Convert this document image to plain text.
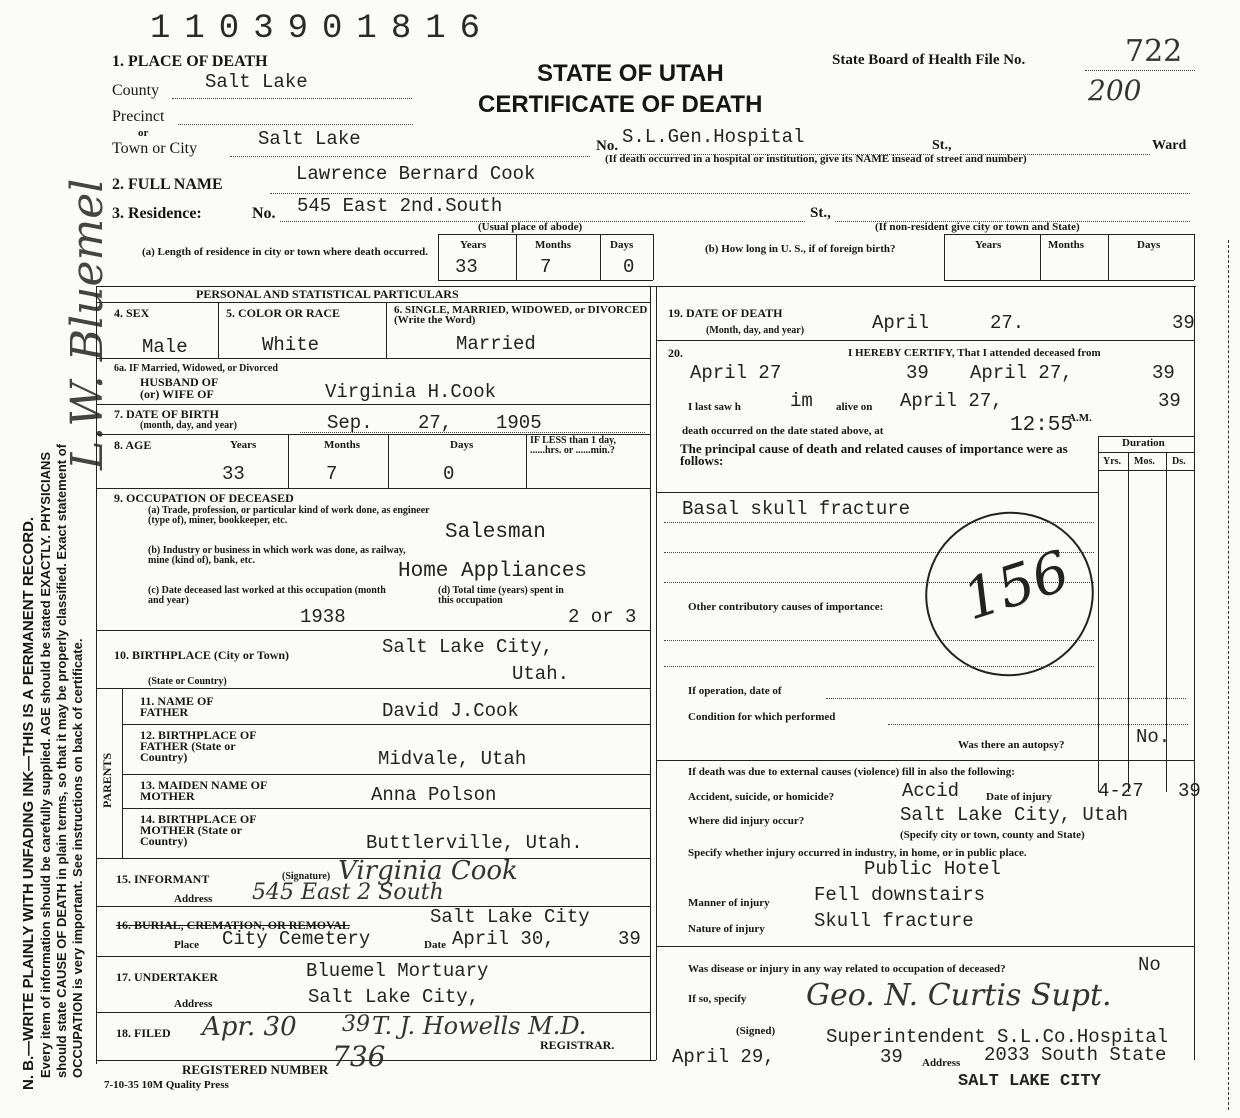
N. B.—WRITE PLAINLY WITH UNFADING INK—THIS IS A PERMANENT RECORD. Every item of information should be carefully supplied. AGE should be stated EXACTLY. PHYSICIANS should state CAUSE OF DEATH in plain terms, so that it may be properly classified. Exact statement of OCCUPATION is very important. See instructions on back of certificate.
L.W. Bluemel
1103901816
STATE OF UTAH
CERTIFICATE OF DEATH
State Board of Health File No.	722
200
1. PLACE OF DEATH
County Salt Lake
Precinct
or
Town or City	Salt Lake	No. S.L.Gen.Hospital	St.,	Ward
(If death occurred in a hospital or institution, give its NAME insead of street and number)
2. FULL NAME	Lawrence Bernard Cook
3. Residence:	No. 545 East 2nd.South	St.,
(Usual place of abode)	(If non-resident give city or town and State)
(a) Length of residence in city or town where death occurred.
Years	Months	Days
33	7	0
(b) How long in U. S., if of foreign birth?	Years	Months	Days
PERSONAL AND STATISTICAL PARTICULARS
4. SEX	5. COLOR OR RACE	6. SINGLE, MARRIED, WIDOWED, or DIVORCED (Write the Word)
Male	White	Married
6a. IF Married, Widowed, or Divorced
HUSBAND OF
(or) WIFE OF	Virginia H.Cook
7. DATE OF BIRTH
(month, day, and year)	Sep. 27, 1905
8. AGE	Years	Months	Days	IF LESS than 1 day, ......hrs. or ......min.?
33	7	0
9. OCCUPATION OF DECEASED
(a) Trade, profession, or particular kind of work done, as engineer (type of), miner, bookkeeper, etc.
Salesman
(b) Industry or business in which work was done, as railway, mine (kind of), bank, etc.	Home Appliances
(c) Date deceased last worked at this occupation (month and year)
1938
(d) Total time (years) spent in this occupation
2 or 3
10. BIRTHPLACE (City or Town)	Salt Lake City,
(State or Country)	Utah.
PARENTS
11. NAME OF FATHER	David J.Cook
12. BIRTHPLACE OF FATHER (State or Country)	Midvale, Utah
13. MAIDEN NAME OF MOTHER	Anna Polson
14. BIRTHPLACE OF MOTHER (State or Country)	Buttlerville, Utah.
15. INFORMANT	(Signature) Virginia Cook
Address 545 East 2 South
16. BURIAL, CREMATION, OR REMOVAL	Salt Lake City
Place City Cemetery	Date April 30,	39
17. UNDERTAKER	Bluemel Mortuary
Address	Salt Lake City,
18. FILED Apr. 30 39 T. J. Howells M.D.
REGISTRAR.
REGISTERED NUMBER 736
7-10-35 10M Quality Press
19. DATE OF DEATH
(Month, day, and year)	April	27.	39
20.	I HEREBY CERTIFY, That I attended deceased from
April 27	39 April 27,	39
I last saw h	im alive on April 27,	39
death occurred on the date stated above, at	12:55
A.M.
The principal cause of death and related causes of importance were as follows:
Duration
Yrs. Mos. Ds.
Basal skull fracture
156
Other contributory causes of importance:
If operation, date of
Condition for which performed
Was there an autopsy?	No.
If death was due to external causes (violence) fill in also the following:
Accident, suicide, or homicide?	Accid Date of injury 4-27 39
Where did injury occur?	Salt Lake City, Utah
(Specify city or town, county and State)
Specify whether injury occurred in industry, in home, or in public place.
Public Hotel
Manner of injury Fell downstairs
Nature of injury	Skull fracture
Was disease or injury in any way related to occupation of deceased?	No
If so, specify Geo. N. Curtis Supt.
(Signed)	Superintendent S.L.Co.Hospital
April 29,	39 Address 2033 South State
SALT LAKE CITY
